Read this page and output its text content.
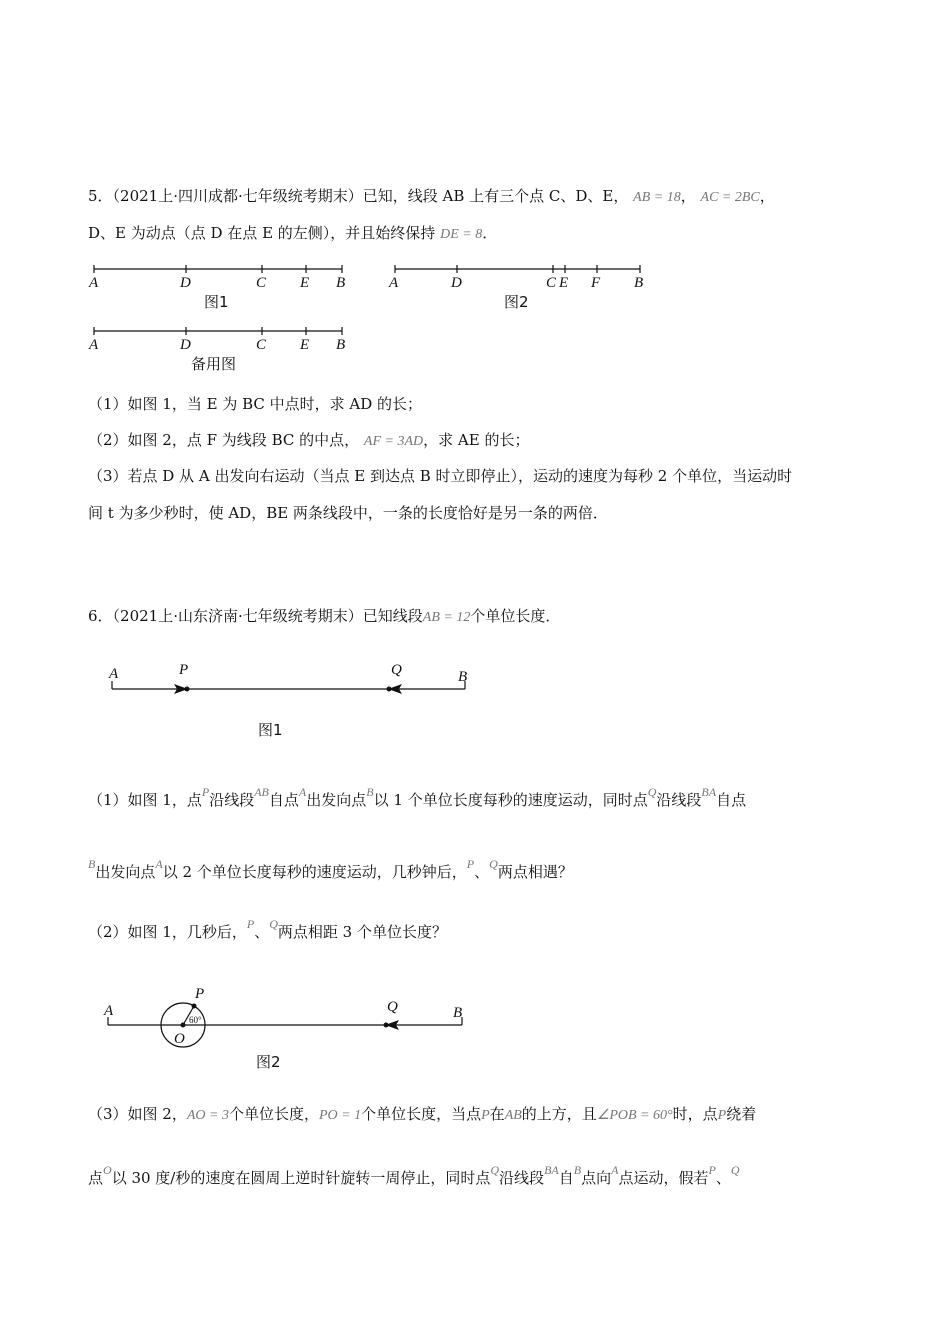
5．（2021上·四川成都·七年级统考期末）已知，线段 AB 上有三个点 C、D、E， AB = 18， AC = 2BC，
D、E 为动点（点 D 在点 E 的左侧），并且始终保持 DE = 8．
A	D	C E B
图1
A	D	C E F B
图2
A	D	C E B
备用图
（1）如图 1，当 E 为 BC 中点时，求 AD 的长；
（2）如图 2，点 F 为线段 BC 的中点， AF = 3AD，求 AE 的长；
（3）若点 D 从 A 出发向右运动（当点 E 到达点 B 时立即停止），运动的速度为每秒 2 个单位，当运动时
间 t 为多少秒时，使 AD，BE 两条线段中，一条的长度恰好是另一条的两倍．
6．（2021上·山东济南·七年级统考期末）已知线段AB = 12个单位长度．
A	P	Q	B
图1
（1）如图 1，点$^P$沿线段$^{AB}$自点$^A$出发向点$^B$以 1 个单位长度每秒的速度运动，同时点$^Q$沿线段$^{BA}$自点
$^B$出发向点$^A$以 2 个单位长度每秒的速度运动，几秒钟后，$^P$、$^Q$两点相遇？
（2）如图 1，几秒后，$^P$、$^Q$两点相距 3 个单位长度？
A
P
O
Q	B
60°
图2
（3）如图 2，AO = 3个单位长度，PO = 1个单位长度，当点P在AB的上方，且∠POB = 60°时，点P绕着
点$^O$以 30 度/秒的速度在圆周上逆时针旋转一周停止，同时点$^Q$沿线段$^{BA}$自$^B$点向$^A$点运动，假若$^P$、$^Q$
